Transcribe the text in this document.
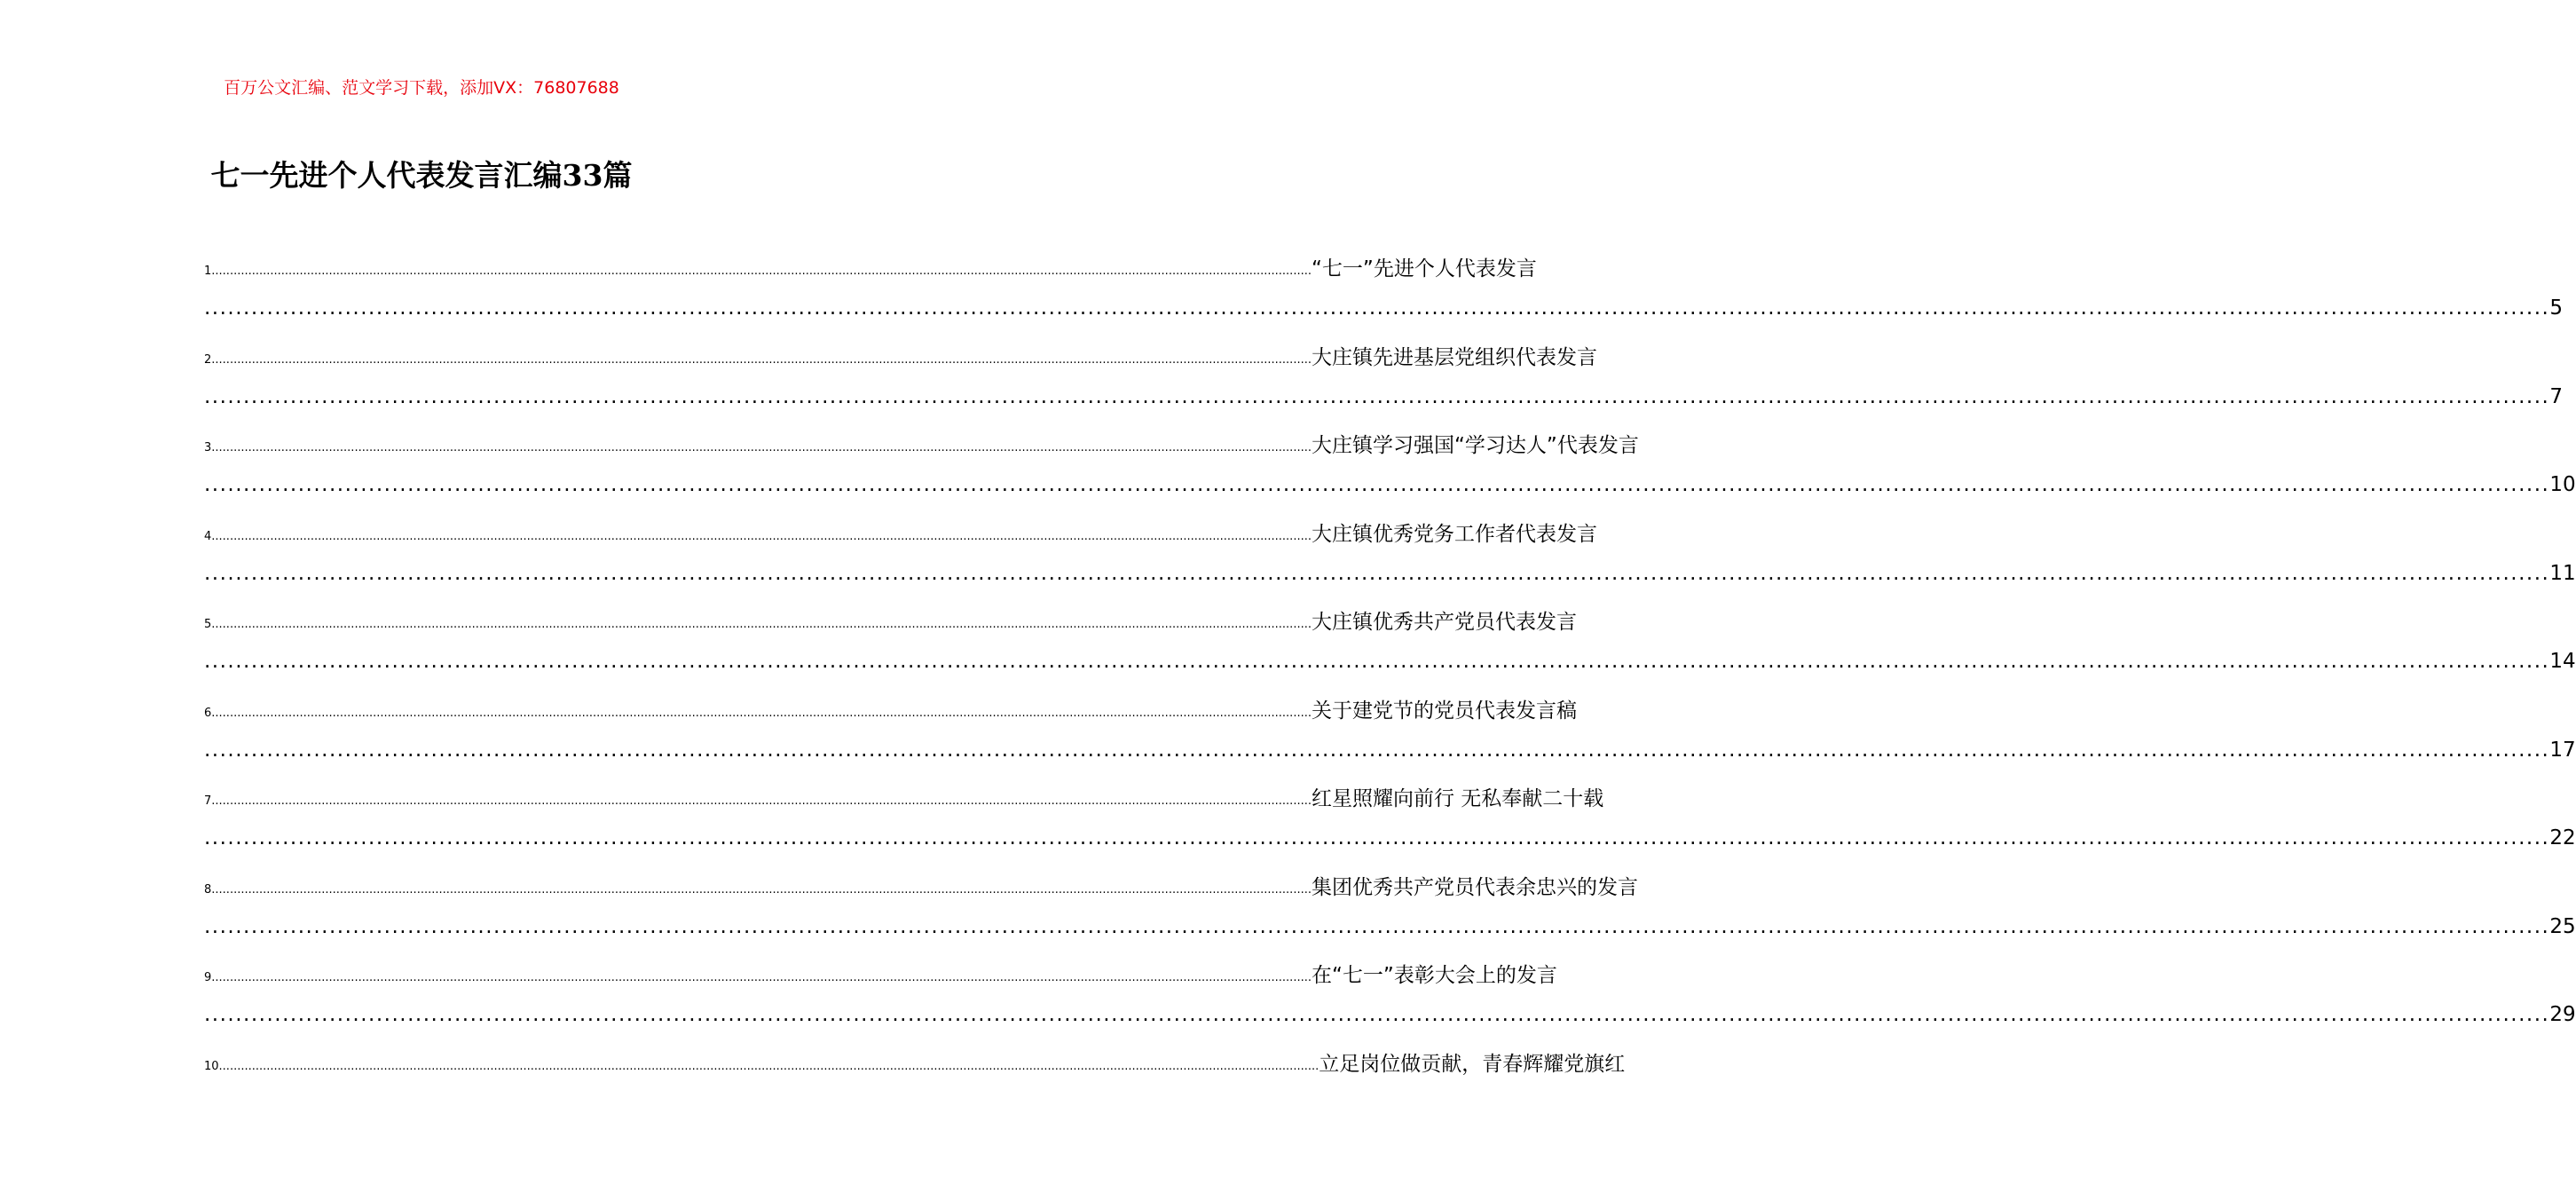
百万公文汇编、范文学习下载，添加VX：76807688
七一先进个人代表发言汇编33篇
1 ............................................................................................................................................................................................................................................................................................................ “七一”先进个人代表发言
............................................................................................................................................................................................................................................................................................................ 5
2 ............................................................................................................................................................................................................................................................................................................ 大庄镇先进基层党组织代表发言
............................................................................................................................................................................................................................................................................................................ 7
3 ............................................................................................................................................................................................................................................................................................................ 大庄镇学习强国“学习达人”代表发言
............................................................................................................................................................................................................................................................................................................ 10
4 ............................................................................................................................................................................................................................................................................................................ 大庄镇优秀党务工作者代表发言
............................................................................................................................................................................................................................................................................................................ 11
5 ............................................................................................................................................................................................................................................................................................................ 大庄镇优秀共产党员代表发言
............................................................................................................................................................................................................................................................................................................ 14
6 ............................................................................................................................................................................................................................................................................................................ 关于建党节的党员代表发言稿
............................................................................................................................................................................................................................................................................................................ 17
7 ............................................................................................................................................................................................................................................................................................................ 红星照耀向前行 无私奉献二十载
............................................................................................................................................................................................................................................................................................................ 22
8 ............................................................................................................................................................................................................................................................................................................ 集团优秀共产党员代表余忠兴的发言
............................................................................................................................................................................................................................................................................................................ 25
9 ............................................................................................................................................................................................................................................................................................................ 在“七一”表彰大会上的发言
............................................................................................................................................................................................................................................................................................................ 29
10 ............................................................................................................................................................................................................................................................................................................ 立足岗位做贡献，青春辉耀党旗红
